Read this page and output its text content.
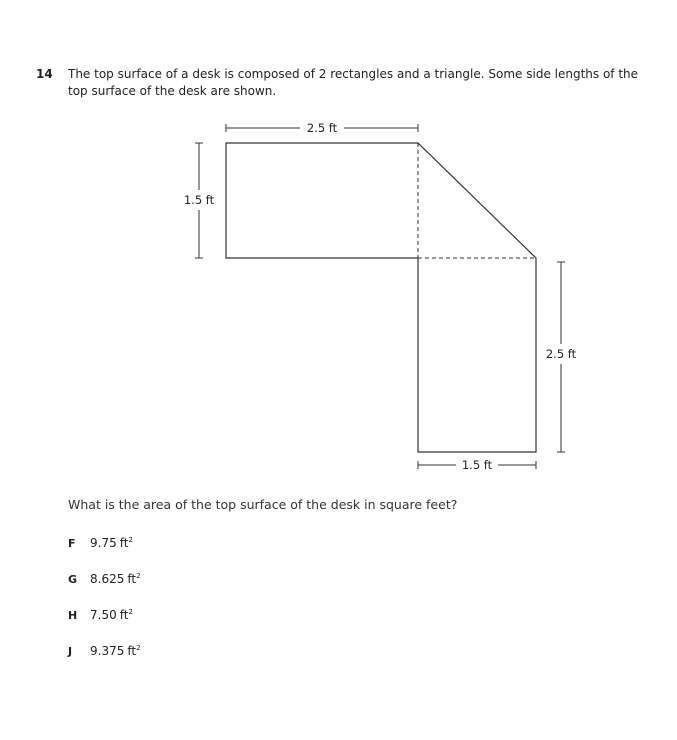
14 The top surface of a desk is composed of 2 rectangles and a triangle. Some side lengths of the
top surface of the desk are shown.
2.5 ft
1.5 ft
2.5 ft
1.5 ft
What is the area of the top surface of the desk in square feet?
F 9.75 $ft^2$
G 8.625 $ft^2$
H 7.50 $ft^2$
J 9.375 $ft^2$
